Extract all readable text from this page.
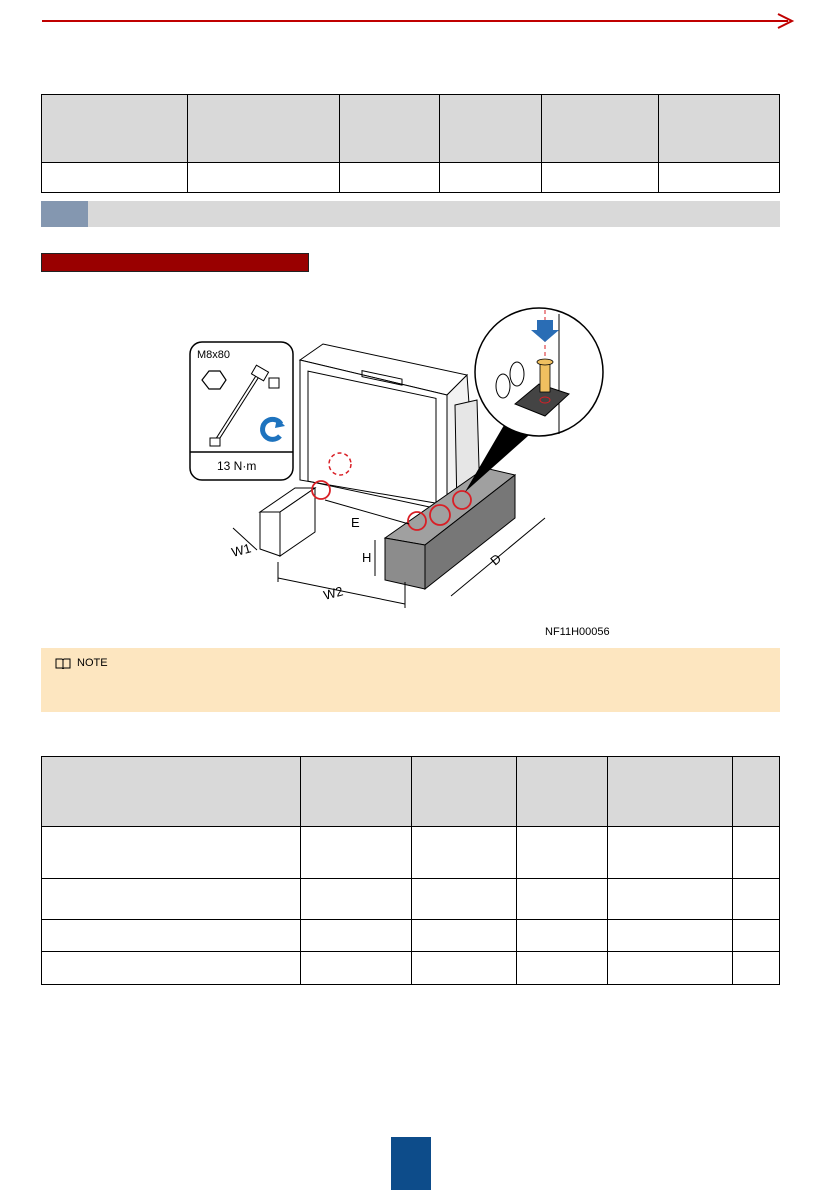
M8x80
13 N·m
W1
W2
E
H	D
NF11H00056
NOTE
